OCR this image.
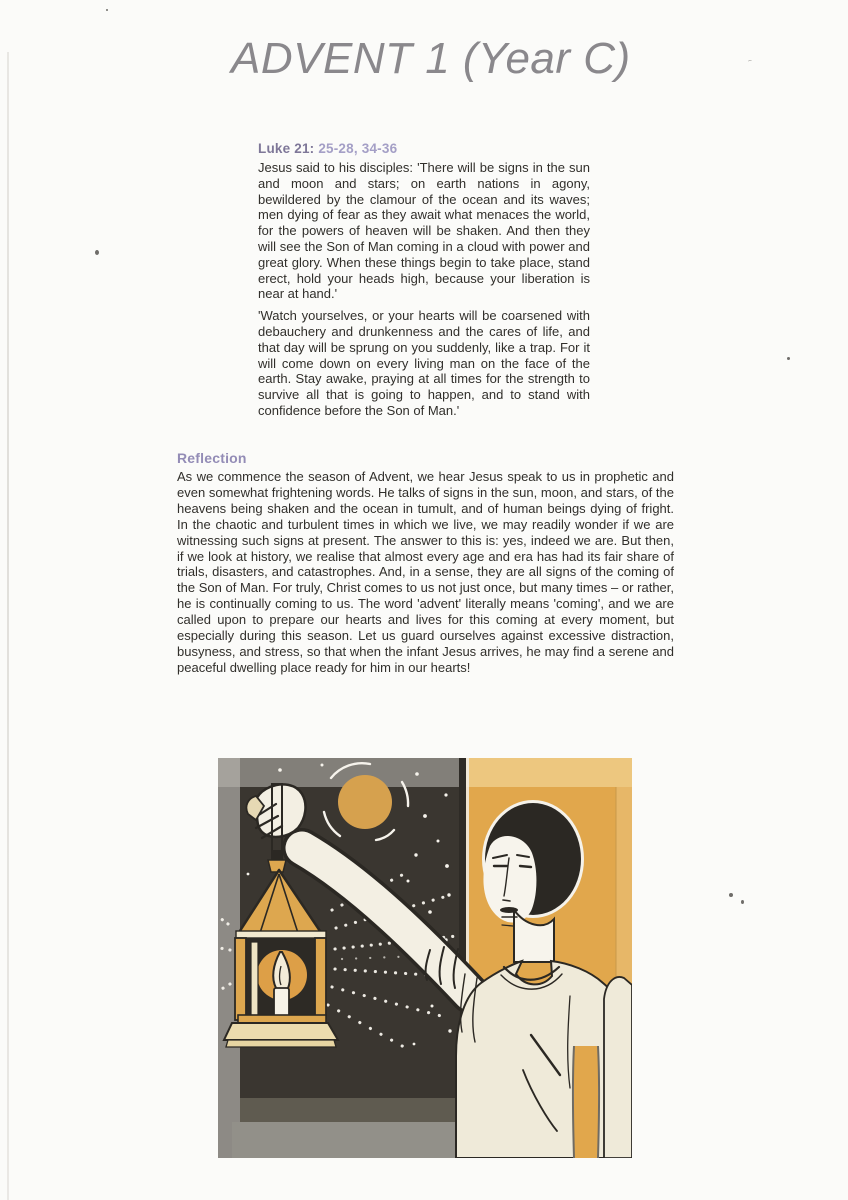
ADVENT 1 (Year C)
Luke 21: 25-28, 34-36

Jesus said to his disciples: 'There will be signs in the sun and moon and stars; on earth nations in agony, bewildered by the clamour of the ocean and its waves; men dying of fear as they await what menaces the world, for the powers of heaven will be shaken. And then they will see the Son of Man coming in a cloud with power and great glory. When these things begin to take place, stand erect, hold your heads high, because your liberation is near at hand.'

'Watch yourselves, or your hearts will be coarsened with debauchery and drunkenness and the cares of life, and that day will be sprung on you suddenly, like a trap. For it will come down on every living man on the face of the earth. Stay awake, praying at all times for the strength to survive all that is going to happen, and to stand with confidence before the Son of Man.'

Reflection
As we commence the season of Advent, we hear Jesus speak to us in prophetic and even somewhat frightening words. He talks of signs in the sun, moon, and stars, of the heavens being shaken and the ocean in tumult, and of human beings dying of fright. In the chaotic and turbulent times in which we live, we may readily wonder if we are witnessing such signs at present. The answer to this is: yes, indeed we are. But then, if we look at history, we realise that almost every age and era has had its fair share of trials, disasters, and catastrophes. And, in a sense, they are all signs of the coming of the Son of Man. For truly, Christ comes to us not just once, but many times – or rather, he is continually coming to us. The word 'advent' literally means 'coming', and we are called upon to prepare our hearts and lives for this coming at every moment, but especially during this season. Let us guard ourselves against excessive distraction, busyness, and stress, so that when the infant Jesus arrives, he may find a serene and peaceful dwelling place ready for him in our hearts!
~
